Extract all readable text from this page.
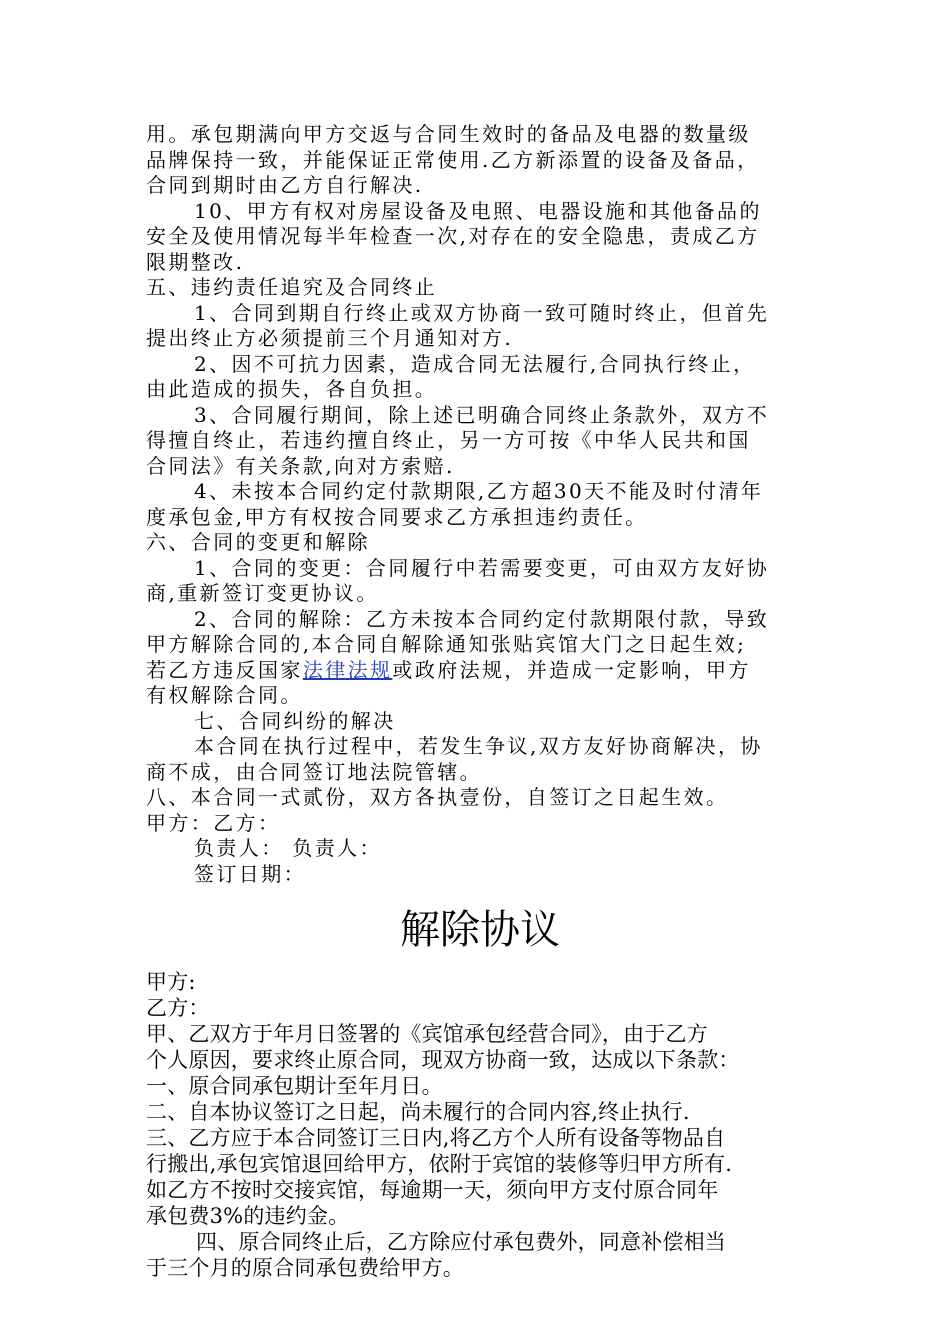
用。承包期满向甲方交返与合同生效时的备品及电器的数量级
品牌保持一致，并能保证正常使用.乙方新添置的设备及备品，
合同到期时由乙方自行解决.
10、甲方有权对房屋设备及电照、电器设施和其他备品的
安全及使用情况每半年检查一次,对存在的安全隐患，责成乙方
限期整改.
五、违约责任追究及合同终止
1、合同到期自行终止或双方协商一致可随时终止，但首先
提出终止方必须提前三个月通知对方.
2、因不可抗力因素，造成合同无法履行,合同执行终止，
由此造成的损失，各自负担。
3、合同履行期间，除上述已明确合同终止条款外，双方不
得擅自终止，若违约擅自终止，另一方可按《中华人民共和国
合同法》有关条款,向对方索赔.
4、未按本合同约定付款期限,乙方超30天不能及时付清年
度承包金,甲方有权按合同要求乙方承担违约责任。
六、合同的变更和解除
1、合同的变更：合同履行中若需要变更，可由双方友好协
商,重新签订变更协议。
2、合同的解除：乙方未按本合同约定付款期限付款，导致
甲方解除合同的,本合同自解除通知张贴宾馆大门之日起生效;
若乙方违反国家法律法规或政府法规，并造成一定影响，甲方
有权解除合同。
七、合同纠纷的解决
本合同在执行过程中，若发生争议,双方友好协商解决，协
商不成，由合同签订地法院管辖。
八、本合同一式贰份，双方各执壹份，自签订之日起生效。
甲方：乙方：
负责人： 负责人：
签订日期：
解除协议
甲方:
乙方：
甲、乙双方于年月日签署的《宾馆承包经营合同》，由于乙方
个人原因，要求终止原合同，现双方协商一致，达成以下条款：
一、原合同承包期计至年月日。
二、自本协议签订之日起，尚未履行的合同内容,终止执行.
三、乙方应于本合同签订三日内,将乙方个人所有设备等物品自
行搬出,承包宾馆退回给甲方，依附于宾馆的装修等归甲方所有.
如乙方不按时交接宾馆，每逾期一天，须向甲方支付原合同年
承包费3%的违约金。
四、原合同终止后，乙方除应付承包费外，同意补偿相当
于三个月的原合同承包费给甲方。
